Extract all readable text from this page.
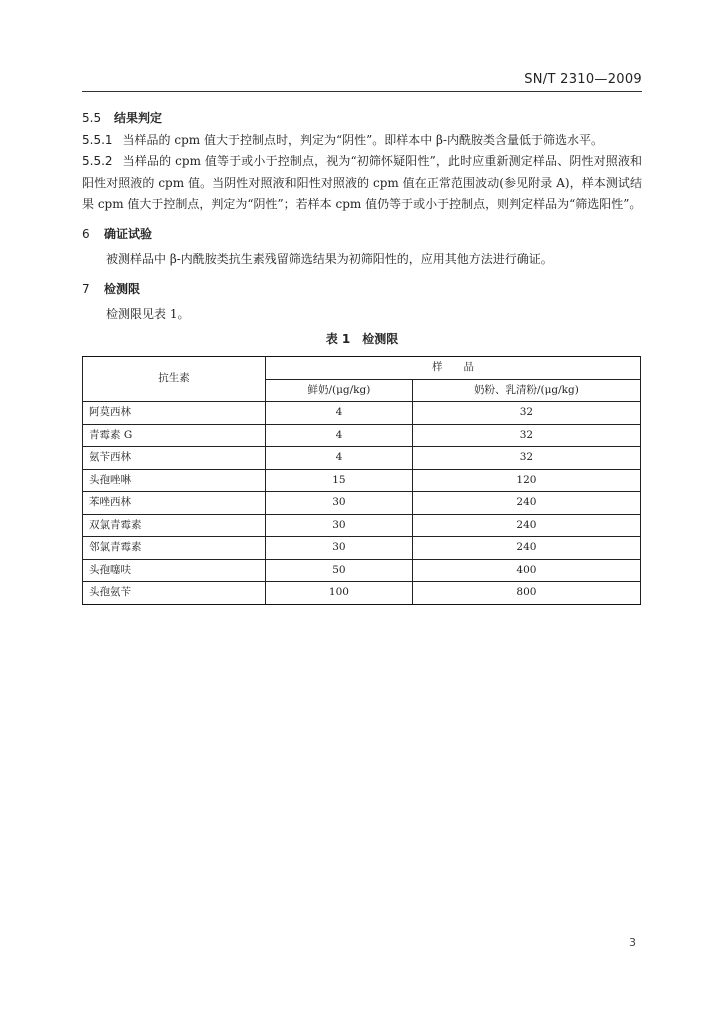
SN/T 2310—2009
5.5 结果判定
5.5.1 当样品的 cpm 值大于控制点时，判定为“阴性”。即样本中 β-内酰胺类含量低于筛选水平。
5.5.2 当样品的 cpm 值等于或小于控制点，视为“初筛怀疑阳性”，此时应重新测定样品、阴性对照液和阳性对照液的 cpm 值。当阴性对照液和阳性对照液的 cpm 值在正常范围波动(参见附录 A)，样本测试结果 cpm 值大于控制点，判定为“阴性”；若样本 cpm 值仍等于或小于控制点，则判定样品为“筛选阳性”。
6 确证试验
被测样品中 β-内酰胺类抗生素残留筛选结果为初筛阳性的，应用其他方法进行确证。
7 检测限
检测限见表 1。
表 1　检测限
抗生素	样　　品	
	鲜奶/(μg/kg)	奶粉、乳清粉/(μg/kg)
阿莫西林	4	32
青霉素 G	4	32
氨苄西林	4	32
头孢唑啉	15	120
苯唑西林	30	240
双氯青霉素	30	240
邻氯青霉素	30	240
头孢噻呋	50	400
头孢氨苄	100	800
3
